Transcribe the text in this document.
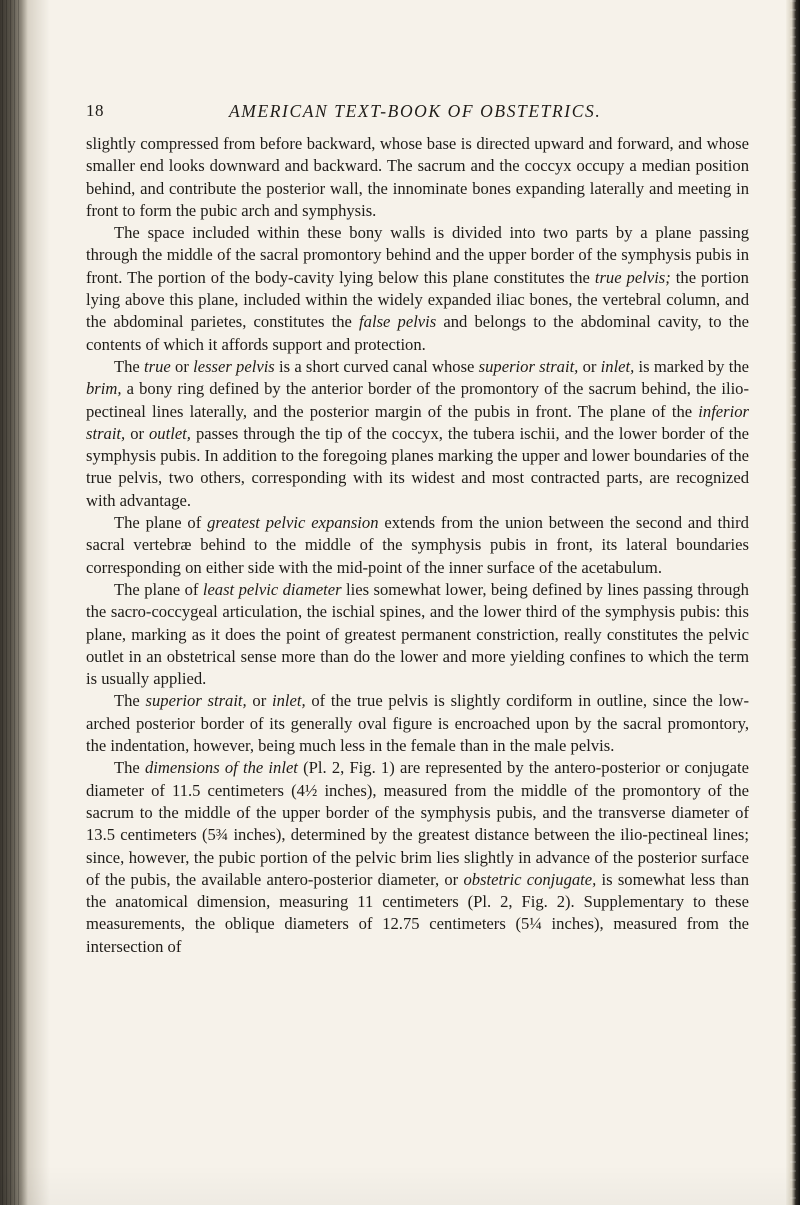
18	AMERICAN TEXT-BOOK OF OBSTETRICS.

slightly compressed from before backward, whose base is directed upward and forward, and whose smaller end looks downward and backward. The sacrum and the coccyx occupy a median position behind, and contribute the posterior wall, the innominate bones expanding laterally and meeting in front to form the pubic arch and symphysis.

The space included within these bony walls is divided into two parts by a plane passing through the middle of the sacral promontory behind and the upper border of the symphysis pubis in front. The portion of the body-cavity lying below this plane constitutes the true pelvis; the portion lying above this plane, included within the widely expanded iliac bones, the vertebral column, and the abdominal parietes, constitutes the false pelvis and belongs to the abdominal cavity, to the contents of which it affords support and protection.

The true or lesser pelvis is a short curved canal whose superior strait, or inlet, is marked by the brim, a bony ring defined by the anterior border of the promontory of the sacrum behind, the ilio-pectineal lines laterally, and the posterior margin of the pubis in front. The plane of the inferior strait, or outlet, passes through the tip of the coccyx, the tubera ischii, and the lower border of the symphysis pubis. In addition to the foregoing planes marking the upper and lower boundaries of the true pelvis, two others, corresponding with its widest and most contracted parts, are recognized with advantage.

The plane of greatest pelvic expansion extends from the union between the second and third sacral vertebræ behind to the middle of the symphysis pubis in front, its lateral boundaries corresponding on either side with the mid-point of the inner surface of the acetabulum.

The plane of least pelvic diameter lies somewhat lower, being defined by lines passing through the sacro-coccygeal articulation, the ischial spines, and the lower third of the symphysis pubis: this plane, marking as it does the point of greatest permanent constriction, really constitutes the pelvic outlet in an obstetrical sense more than do the lower and more yielding confines to which the term is usually applied.

The superior strait, or inlet, of the true pelvis is slightly cordiform in outline, since the low-arched posterior border of its generally oval figure is encroached upon by the sacral promontory, the indentation, however, being much less in the female than in the male pelvis.

The dimensions of the inlet (Pl. 2, Fig. 1) are represented by the antero-posterior or conjugate diameter of 11.5 centimeters (4½ inches), measured from the middle of the promontory of the sacrum to the middle of the upper border of the symphysis pubis, and the transverse diameter of 13.5 centimeters (5¾ inches), determined by the greatest distance between the ilio-pectineal lines; since, however, the pubic portion of the pelvic brim lies slightly in advance of the posterior surface of the pubis, the available antero-posterior diameter, or obstetric conjugate, is somewhat less than the anatomical dimension, measuring 11 centimeters (Pl. 2, Fig. 2). Supplementary to these measurements, the oblique diameters of 12.75 centimeters (5¼ inches), measured from the intersection of
